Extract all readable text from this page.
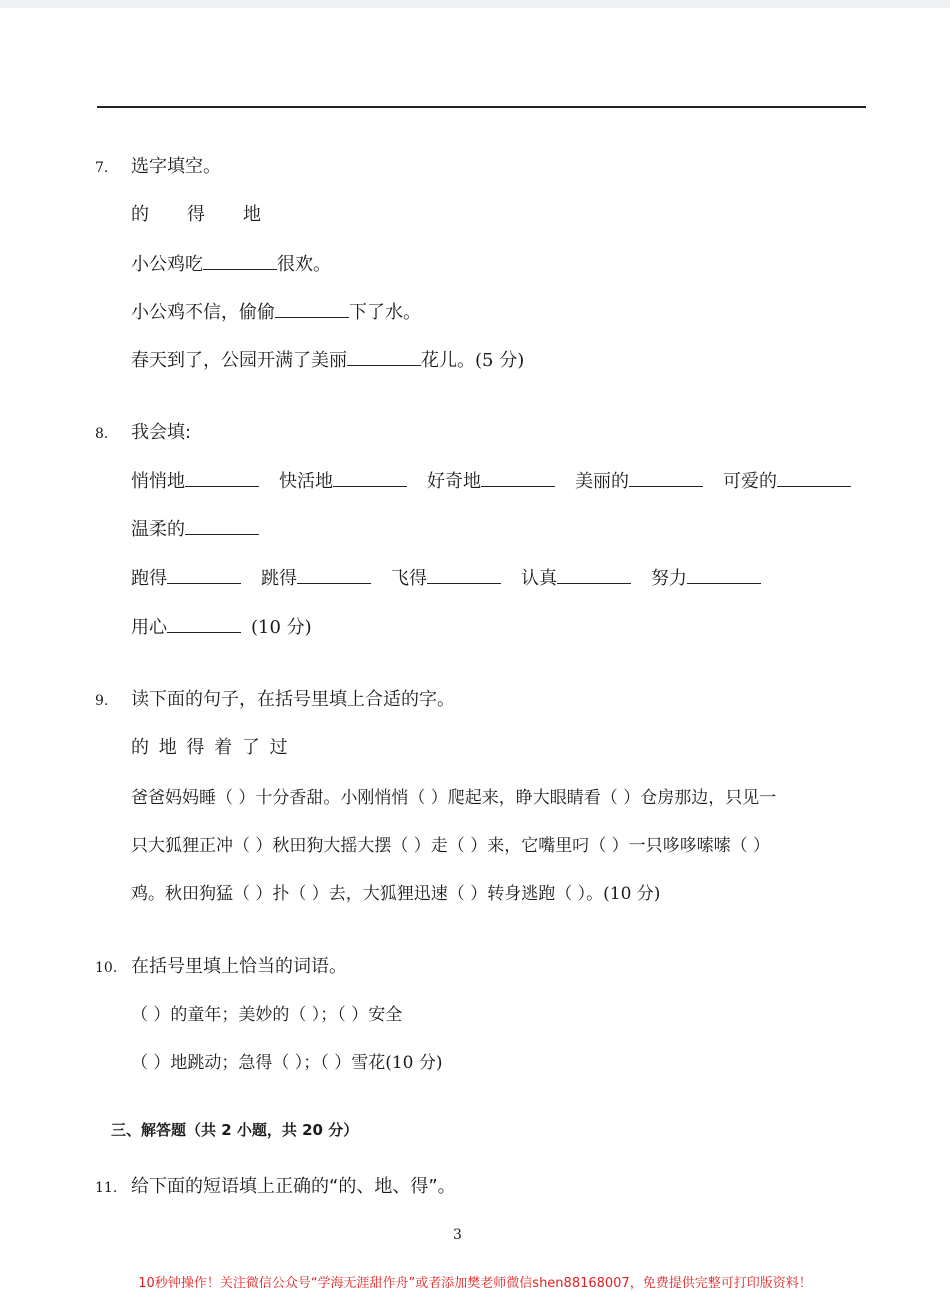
7. 选字填空。
的 得 地
小公鸡吃	很欢。
小公鸡不信，偷偷	下了水。
春天到了，公园开满了美丽	花儿。(5 分)
8. 我会填:
悄悄地	快活地	好奇地	美丽的	可爱的
温柔的
跑得	跳得	飞得	认真	努力
用心	(10 分)
9. 读下面的句子，在括号里填上合适的字。
的 地 得 着 了 过
爸爸妈妈睡（ ）十分香甜。小刚悄悄（ ）爬起来，睁大眼睛看（ ）仓房那边，只见一
只大狐狸正冲（ ）秋田狗大摇大摆（ ）走（ ）来，它嘴里叼（ ）一只哆哆嗦嗦（ ）
鸡。秋田狗猛（ ）扑（ ）去，大狐狸迅速（ ）转身逃跑（ ）。(10 分)
10. 在括号里填上恰当的词语。
（ ）的童年；美妙的（ ）；（ ）安全
（ ）地跳动；急得（ ）；（ ）雪花(10 分)
三、解答题（共 2 小题，共 20 分）
11. 给下面的短语填上正确的“的、地、得”。
3
10秒钟操作！关注微信公众号“学海无涯甜作舟”或者添加樊老师微信shen88168007，免费提供完整可打印版资料！
